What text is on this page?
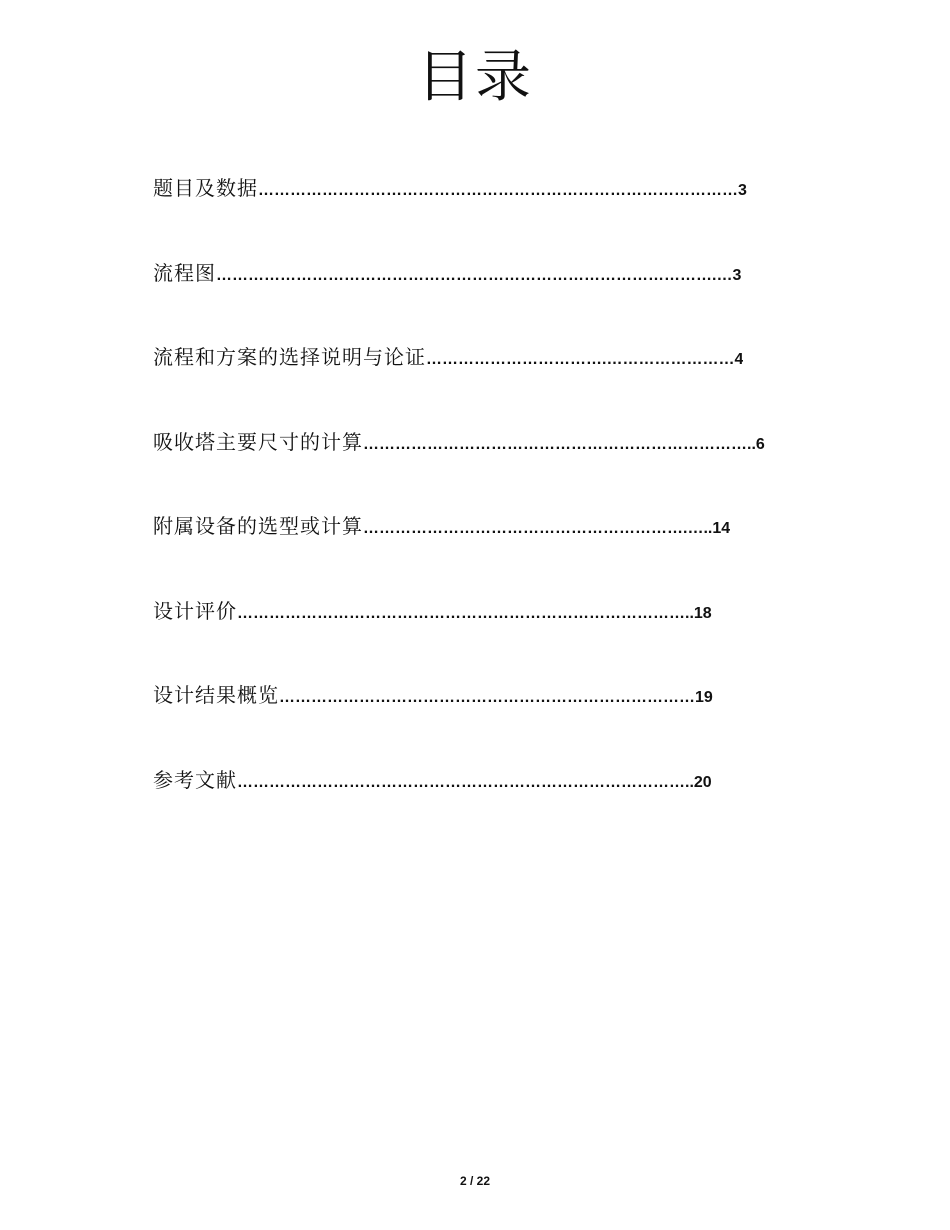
目录
题目及数据………………………………………………………………………………3
流程图………………………………………………………………………………….…3
流程和方案的选择说明与论证…………………………….……………………4
吸收塔主要尺寸的计算………………………………………………………………..6
附属设备的选型或计算…………………………………………………….…..14
设计评价…………………………………………………………………………..18
设计结果概览……………………………………………………………………19
参考文献…………………………………………………………………………..20
2 / 22
